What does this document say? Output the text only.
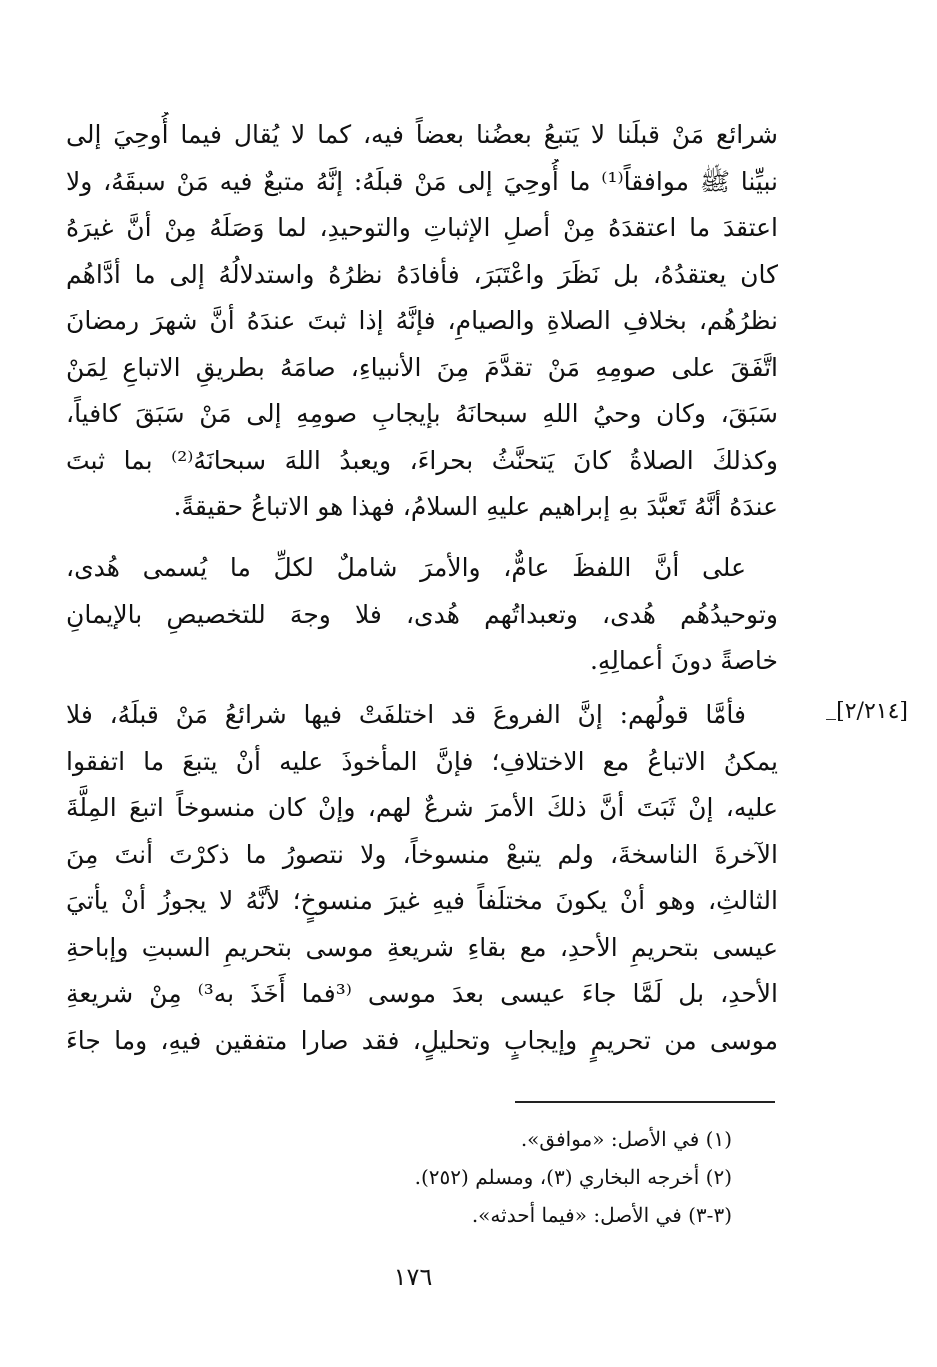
شرائع مَنْ قبلَنا لا يَتبعُ بعضُنا بعضاً فيه، كما لا يُقال فيما أُوحِيَ إلى
نبيِّنا ﷺ موافقاً⁽¹⁾ ما أُوحِيَ إلى مَنْ قبلَهُ: إنَّهُ متبعٌ فيه مَنْ سبقَهُ، ولا
اعتقدَ ما اعتقدَهُ مِنْ أصلِ الإثباتِ والتوحيدِ، لما وَصَلَهُ مِنْ أنَّ غيرَهُ
كان يعتقدُهُ، بل نَظَرَ واعْتَبَرَ، فأفادَهُ نظرُهُ واستدلالُهُ إلى ما أدَّاهُم
نظرُهُم، بخلافِ الصلاةِ والصيامِ، فإنَّهُ إذا ثبتَ عندَهُ أنَّ شهرَ رمضانَ
اتَّفَقَ على صومِهِ مَنْ تقدَّمَ مِنَ الأنبياءِ، صامَهُ بطريقِ الاتباعِ لِمَنْ
سَبَقَ، وكان وحيُ اللهِ سبحانَهُ بإيجابِ صومِهِ إلى مَنْ سَبَقَ كافياً،
وكذلكَ الصلاةُ كانَ يَتحنَّثُ بحراءَ، ويعبدُ اللهَ سبحانَهُ⁽²⁾ بما ثبتَ
عندَهُ أنَّهُ تَعبَّدَ بهِ إبراهيم عليهِ السلامُ، فهذا هو الاتباعُ حقيقةً.
على أنَّ اللفظَ عامٌّ، والأمرَ شاملٌ لكلِّ ما يُسمى هُدى،
وتوحيدُهُم هُدى، وتعبداتُهم هُدى، فلا وجهَ للتخصيصِ بالإيمانِ
خاصةً دونَ أعمالِهِ.
[٢/٢١٤]
فأمَّا قولُهم: إنَّ الفروعَ قد اختلفَتْ فيها شرائعُ مَنْ قبلَهُ، فلا
يمكنُ الاتباعُ مع الاختلافِ؛ فإنَّ المأخوذَ عليه أنْ يتبعَ ما اتفقوا
عليه، إنْ ثَبَتَ أنَّ ذلكَ الأمرَ شرعٌ لهم، وإنْ كان منسوخاً اتبعَ المِلَّةَ
الآخرةَ الناسخةَ، ولم يتبعْ منسوخاً، ولا نتصورُ ما ذكرْتَ أنتَ مِنَ
الثالثِ، وهو أنْ يكونَ مختلَفاً فيهِ غيرَ منسوخٍ؛ لأنَّهُ لا يجوزُ أنْ يأتيَ
عيسى بتحريمِ الأحدِ، مع بقاءِ شريعةِ موسى بتحريمِ السبتِ وإباحةِ
الأحدِ، بل لَمَّا جاءَ عيسى بعدَ موسى ⁽³فما أَخَذَ به³⁾ مِنْ شريعةِ
موسى من تحريمٍ وإيجابٍ وتحليلٍ، فقد صارا متفقين فيهِ، وما جاءَ
(١) في الأصل: «موافق».
(٢) أخرجه البخاري (٣)، ومسلم (٢٥٢).
(٣-٣) في الأصل: «فيما أحدثه».
١٧٦
